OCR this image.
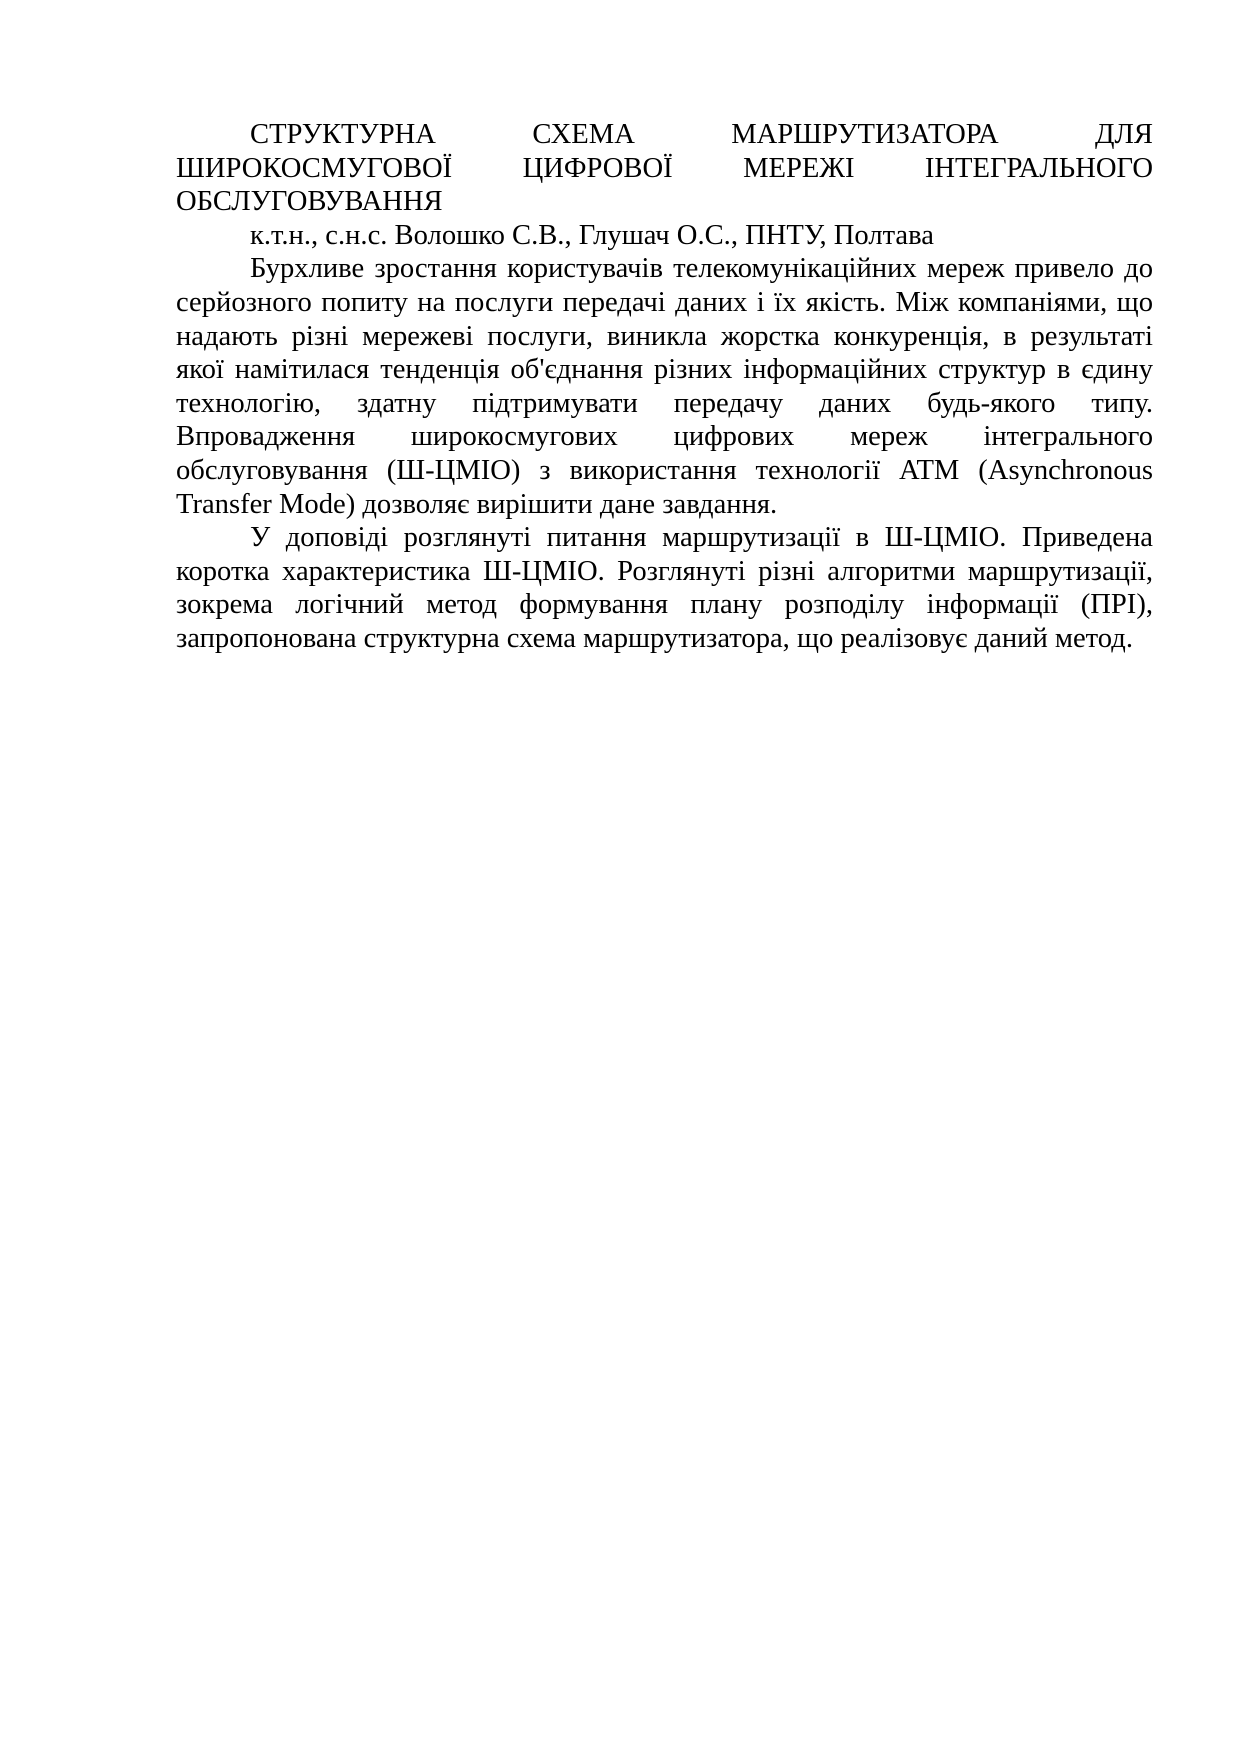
СТРУКТУРНА СХЕМА МАРШРУТИЗАТОРА ДЛЯ ШИРОКОСМУГОВОЇ ЦИФРОВОЇ МЕРЕЖІ ІНТЕГРАЛЬНОГО ОБСЛУГОВУВАННЯ

к.т.н., с.н.с. Волошко С.В., Глушач О.С., ПНТУ, Полтава

Бурхливе зростання користувачів телекомунікаційних мереж привело до серйозного попиту на послуги передачі даних і їх якість. Між компаніями, що надають різні мережеві послуги, виникла жорстка конкуренція, в результаті якої намітилася тенденція об'єднання різних інформаційних структур в єдину технологію, здатну підтримувати передачу даних будь-якого типу. Впровадження широкосмугових цифрових мереж інтегрального обслуговування (Ш-ЦМІО) з використання технології ATM (Asynchronous Transfer Mode) дозволяє вирішити дане завдання.

У доповіді розглянуті питання маршрутизації в Ш-ЦМІО. Приведена коротка характеристика Ш-ЦМІО. Розглянуті різні алгоритми маршрутизації, зокрема логічний метод формування плану розподілу інформації (ПРІ), запропонована структурна схема маршрутизатора, що реалізовує даний метод.
